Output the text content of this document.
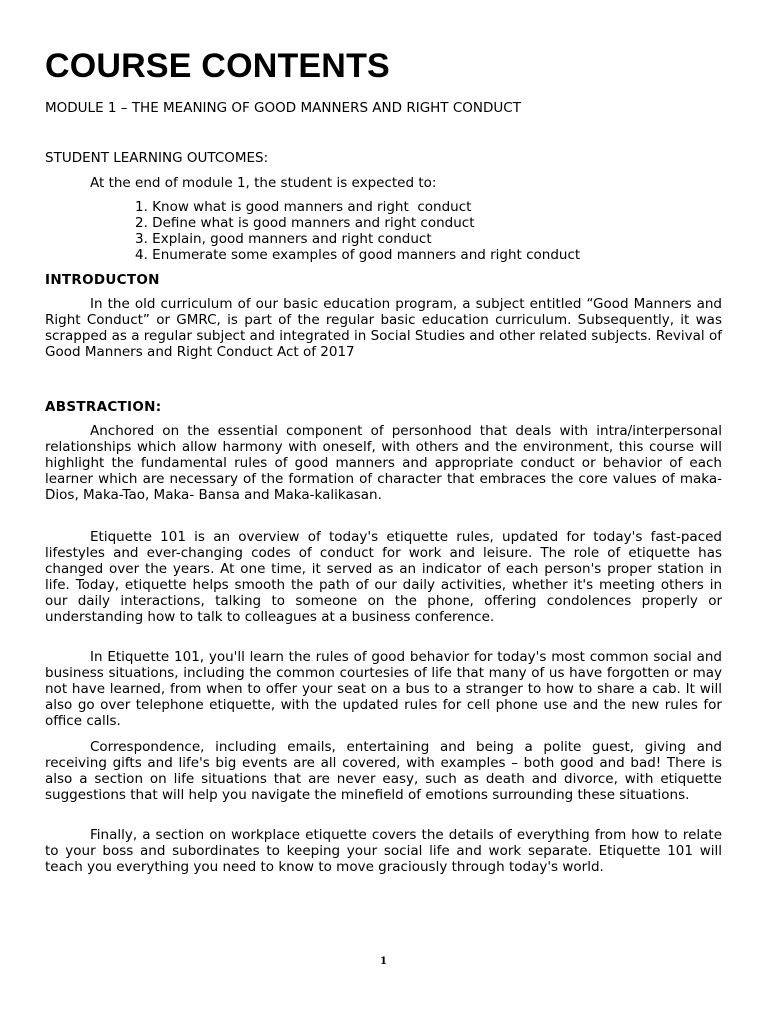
COURSE CONTENTS
MODULE 1 – THE MEANING OF GOOD MANNERS AND RIGHT CONDUCT
STUDENT LEARNING OUTCOMES:
At the end of module 1, the student is expected to:
1. Know what is good manners and right  conduct
2. Define what is good manners and right conduct
3. Explain, good manners and right conduct
4. Enumerate some examples of good manners and right conduct
INTRODUCTON

In the old curriculum of our basic education program, a subject entitled “Good Manners and Right Conduct” or GMRC, is part of the regular basic education curriculum. Subsequently, it was scrapped as a regular subject and integrated in Social Studies and other related subjects. Revival of Good Manners and Right Conduct Act of 2017

ABSTRACTION:

Anchored on the essential component of personhood that deals with intra/interpersonal relationships which allow harmony with oneself, with others and the environment, this course will highlight the fundamental rules of good manners and appropriate conduct or behavior of each learner which are necessary of the formation of character that embraces the core values of maka-Dios, Maka-Tao, Maka- Bansa and Maka-kalikasan.

Etiquette 101 is an overview of today's etiquette rules, updated for today's fast-paced lifestyles and ever-changing codes of conduct for work and leisure. The role of etiquette has changed over the years. At one time, it served as an indicator of each person's proper station in life. Today, etiquette helps smooth the path of our daily activities, whether it's meeting others in our daily interactions, talking to someone on the phone, offering condolences properly or understanding how to talk to colleagues at a business conference.

In Etiquette 101, you'll learn the rules of good behavior for today's most common social and business situations, including the common courtesies of life that many of us have forgotten or may not have learned, from when to offer your seat on a bus to a stranger to how to share a cab. It will also go over telephone etiquette, with the updated rules for cell phone use and the new rules for office calls.

Correspondence, including emails, entertaining and being a polite guest, giving and receiving gifts and life's big events are all covered, with examples – both good and bad! There is also a section on life situations that are never easy, such as death and divorce, with etiquette suggestions that will help you navigate the minefield of emotions surrounding these situations.

Finally, a section on workplace etiquette covers the details of everything from how to relate to your boss and subordinates to keeping your social life and work separate. Etiquette 101 will teach you everything you need to know to move graciously through today's world.

1
